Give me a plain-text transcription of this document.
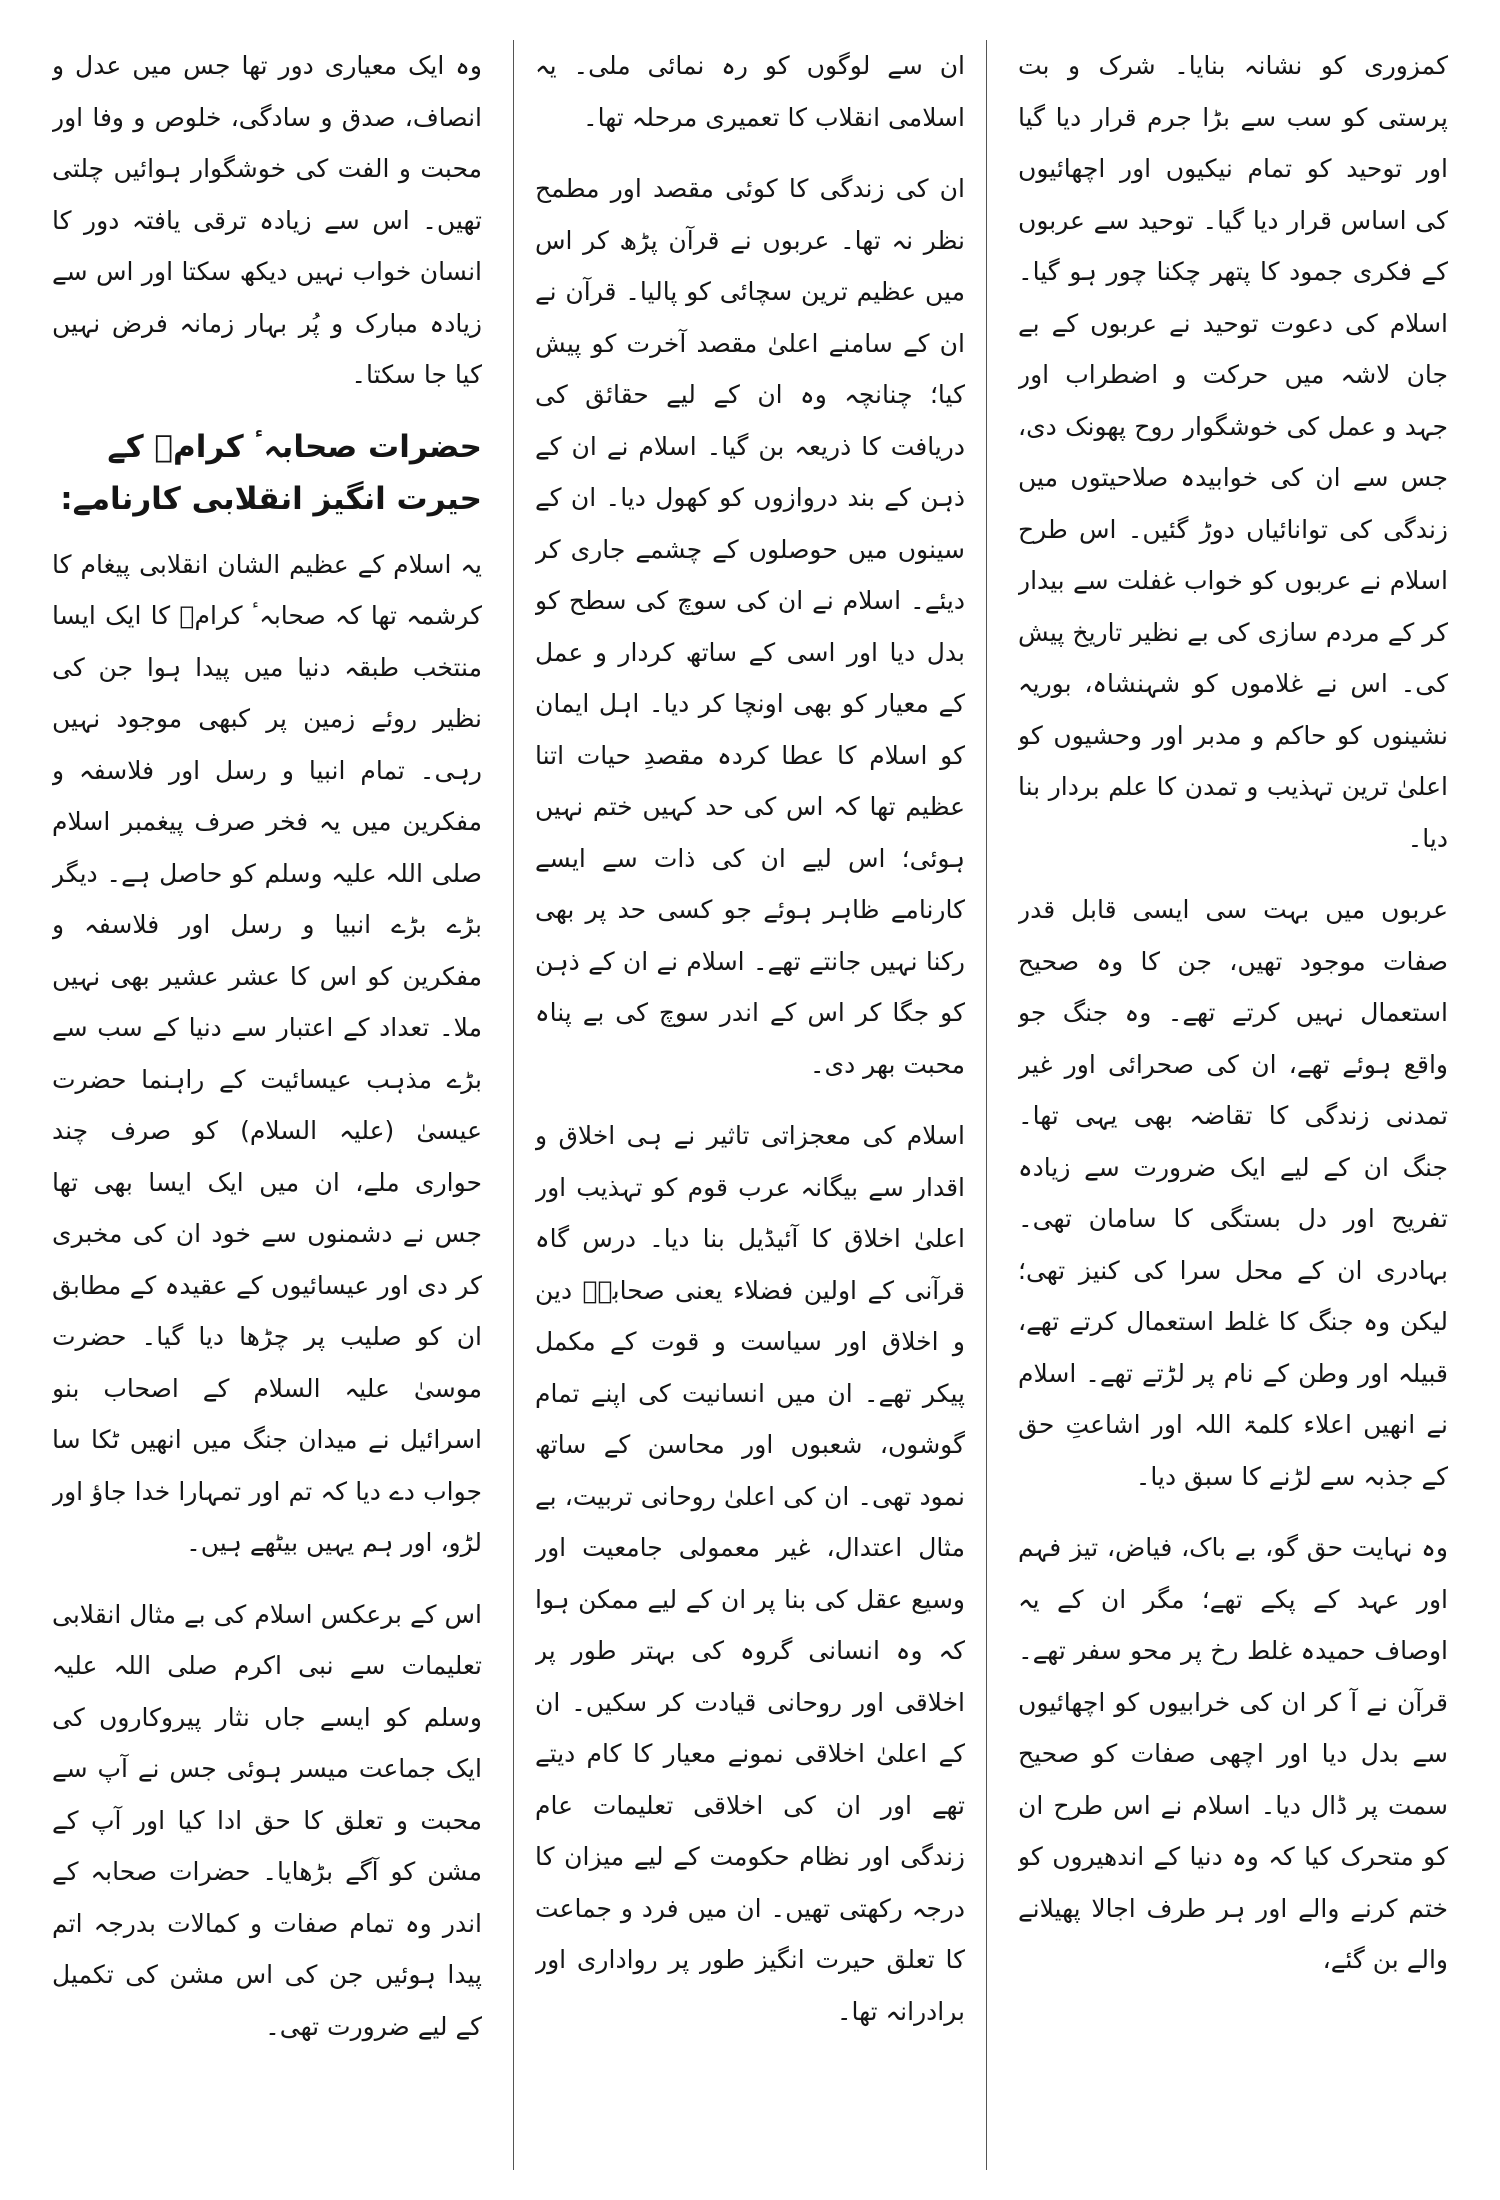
کمزوری کو نشانہ بنایا۔ شرک و بت پرستی کو سب سے بڑا جرم قرار دیا گیا اور توحید کو تمام نیکیوں اور اچھائیوں کی اساس قرار دیا گیا۔ توحید سے عربوں کے فکری جمود کا پتھر چکنا چور ہو گیا۔ اسلام کی دعوت توحید نے عربوں کے بے جان لاشہ میں حرکت و اضطراب اور جہد و عمل کی خوشگوار روح پھونک دی، جس سے ان کی خوابیدہ صلاحیتوں میں زندگی کی توانائیاں دوڑ گئیں۔ اس طرح اسلام نے عربوں کو خواب غفلت سے بیدار کر کے مردم سازی کی بے نظیر تاریخ پیش کی۔ اس نے غلاموں کو شہنشاہ، بوریہ نشینوں کو حاکم و مدبر اور وحشیوں کو اعلیٰ ترین تہذیب و تمدن کا علم بردار بنا دیا۔

عربوں میں بہت سی ایسی قابل قدر صفات موجود تھیں، جن کا وہ صحیح استعمال نہیں کرتے تھے۔ وہ جنگ جو واقع ہوئے تھے، ان کی صحرائی اور غیر تمدنی زندگی کا تقاضہ بھی یہی تھا۔ جنگ ان کے لیے ایک ضرورت سے زیادہ تفریح اور دل بستگی کا سامان تھی۔ بہادری ان کے محل سرا کی کنیز تھی؛ لیکن وہ جنگ کا غلط استعمال کرتے تھے، قبیلہ اور وطن کے نام پر لڑتے تھے۔ اسلام نے انھیں اعلاء کلمۃ اللہ اور اشاعتِ حق کے جذبہ سے لڑنے کا سبق دیا۔

وہ نہایت حق گو، بے باک، فیاض، تیز فہم اور عہد کے پکے تھے؛ مگر ان کے یہ اوصاف حمیدہ غلط رخ پر محو سفر تھے۔ قرآن نے آ کر ان کی خرابیوں کو اچھائیوں سے بدل دیا اور اچھی صفات کو صحیح سمت پر ڈال دیا۔ اسلام نے اس طرح ان کو متحرک کیا کہ وہ دنیا کے اندھیروں کو ختم کرنے والے اور ہر طرف اجالا پھیلانے والے بن گئے،

ان سے لوگوں کو رہ نمائی ملی۔ یہ اسلامی انقلاب کا تعمیری مرحلہ تھا۔

ان کی زندگی کا کوئی مقصد اور مطمح نظر نہ تھا۔ عربوں نے قرآن پڑھ کر اس میں عظیم ترین سچائی کو پالیا۔ قرآن نے ان کے سامنے اعلیٰ مقصد آخرت کو پیش کیا؛ چنانچہ وہ ان کے لیے حقائق کی دریافت کا ذریعہ بن گیا۔ اسلام نے ان کے ذہن کے بند دروازوں کو کھول دیا۔ ان کے سینوں میں حوصلوں کے چشمے جاری کر دیئے۔ اسلام نے ان کی سوچ کی سطح کو بدل دیا اور اسی کے ساتھ کردار و عمل کے معیار کو بھی اونچا کر دیا۔ اہل ایمان کو اسلام کا عطا کردہ مقصدِ حیات اتنا عظیم تھا کہ اس کی حد کہیں ختم نہیں ہوئی؛ اس لیے ان کی ذات سے ایسے کارنامے ظاہر ہوئے جو کسی حد پر بھی رکنا نہیں جانتے تھے۔ اسلام نے ان کے ذہن کو جگا کر اس کے اندر سوچ کی بے پناہ محبت بھر دی۔

اسلام کی معجزاتی تاثیر نے ہی اخلاق و اقدار سے بیگانہ عرب قوم کو تہذیب اور اعلیٰ اخلاق کا آئیڈیل بنا دیا۔ درس گاہ قرآنی کے اولین فضلاء یعنی صحابہؓ دین و اخلاق اور سیاست و قوت کے مکمل پیکر تھے۔ ان میں انسانیت کی اپنے تمام گوشوں، شعبوں اور محاسن کے ساتھ نمود تھی۔ ان کی اعلیٰ روحانی تربیت، بے مثال اعتدال، غیر معمولی جامعیت اور وسیع عقل کی بنا پر ان کے لیے ممکن ہوا کہ وہ انسانی گروہ کی بہتر طور پر اخلاقی اور روحانی قیادت کر سکیں۔ ان کے اعلیٰ اخلاقی نمونے معیار کا کام دیتے تھے اور ان کی اخلاقی تعلیمات عام زندگی اور نظام حکومت کے لیے میزان کا درجہ رکھتی تھیں۔ ان میں فرد و جماعت کا تعلق حیرت انگیز طور پر رواداری اور برادرانہ تھا۔

وہ ایک معیاری دور تھا جس میں عدل و انصاف، صدق و سادگی، خلوص و وفا اور محبت و الفت کی خوشگوار ہوائیں چلتی تھیں۔ اس سے زیادہ ترقی یافتہ دور کا انسان خواب نہیں دیکھ سکتا اور اس سے زیادہ مبارک و پُر بہار زمانہ فرض نہیں کیا جا سکتا۔

حضرات صحابہٴ کرامؓ کے حیرت انگیز انقلابی کارنامے:

یہ اسلام کے عظیم الشان انقلابی پیغام کا کرشمہ تھا کہ صحابہٴ کرامؓ کا ایک ایسا منتخب طبقہ دنیا میں پیدا ہوا جن کی نظیر روئے زمین پر کبھی موجود نہیں رہی۔ تمام انبیا و رسل اور فلاسفہ و مفکرین میں یہ فخر صرف پیغمبر اسلام صلی اللہ علیہ وسلم کو حاصل ہے۔ دیگر بڑے بڑے انبیا و رسل اور فلاسفہ و مفکرین کو اس کا عشر عشیر بھی نہیں ملا۔ تعداد کے اعتبار سے دنیا کے سب سے بڑے مذہب عیسائیت کے راہنما حضرت عیسیٰ (علیہ السلام) کو صرف چند حواری ملے، ان میں ایک ایسا بھی تھا جس نے دشمنوں سے خود ان کی مخبری کر دی اور عیسائیوں کے عقیدہ کے مطابق ان کو صلیب پر چڑھا دیا گیا۔ حضرت موسیٰ علیہ السلام کے اصحاب بنو اسرائیل نے میدان جنگ میں انھیں ٹکا سا جواب دے دیا کہ تم اور تمہارا خدا جاؤ اور لڑو، اور ہم یہیں بیٹھے ہیں۔

اس کے برعکس اسلام کی بے مثال انقلابی تعلیمات سے نبی اکرم صلی اللہ علیہ وسلم کو ایسے جاں نثار پیروکاروں کی ایک جماعت میسر ہوئی جس نے آپ سے محبت و تعلق کا حق ادا کیا اور آپ کے مشن کو آگے بڑھایا۔ حضرات صحابہ کے اندر وہ تمام صفات و کمالات بدرجہ اتم پیدا ہوئیں جن کی اس مشن کی تکمیل کے لیے ضرورت تھی۔
